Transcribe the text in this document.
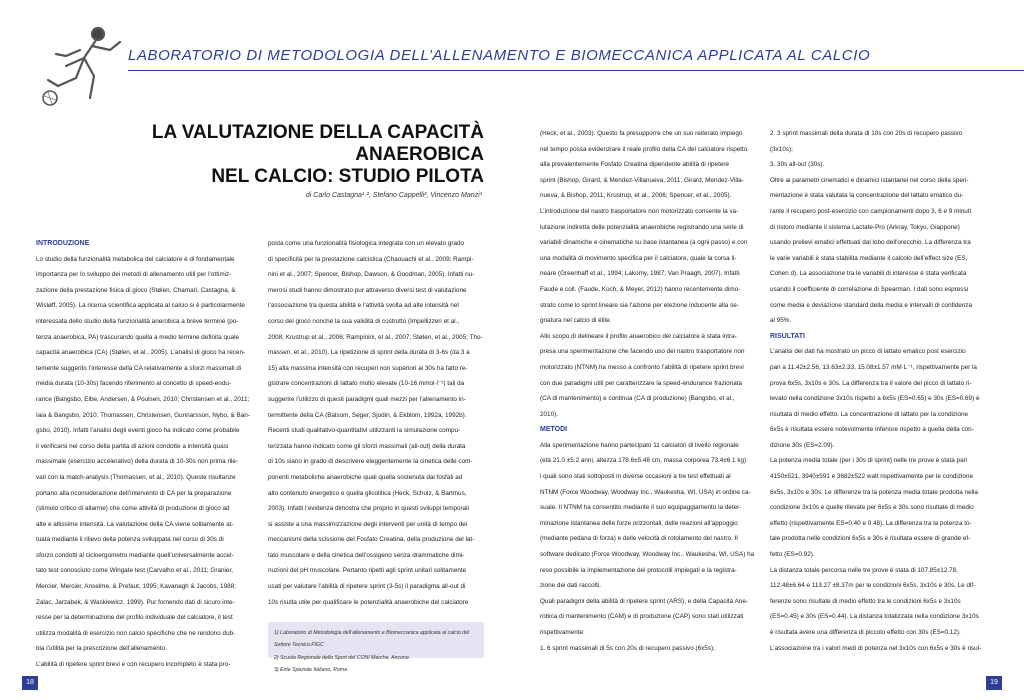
LABORATORIO DI METODOLOGIA DELL’ALLENAMENTO E BIOMECCANICA APPLICATA AL CALCIO
LA VALUTAZIONE DELLA CAPACITÀ ANAEROBICA
NEL CALCIO: STUDIO PILOTA
di Carlo Castagna¹˒², Stefano Cappelli², Vincenzo Manzi³

INTRODUZIONE

Lo studio della funzionalità metabolica del calciatore è di fondamentale

importanza per lo sviluppo dei metodi di allenamento utili per l’ottimiz-

zazione della prestazione fisica di gioco (Stølen, Chamari, Castagna, &

Wisløff, 2005). La ricerca scientifica applicata al calcio si è particolarmente

interessata dello studio della funzionalità anerobica a breve termine (po-

tenza anaerobica, PA) trascurando quella a medio termine definita quale

capacità anaerobica (CA) (Stølen, et al., 2005). L’analisi di gioco ha recen-

temente suggerito l’interesse della CA relativamente a sforzi massimali di

media durata (10-30s) facendo riferimento al concetto di speed-endu-

rance (Bangsbo, Elbe, Andersen, & Poulsen, 2010; Christensen et al., 2011;

Iaia & Bangsbo, 2010; Thomassen, Christensen, Gunnarsson, Nybo, & Ban-

gsbo, 2010). Infatti l’analisi degli eventi gioco ha indicato come probabile

il verificarsi nel corso della partita di azioni condotte a intensità quasi

massimale (esercizio accelerativo) della durata di 10-30s non prima rile-

vati con la match-analysis (Thomassen, et al., 2010). Queste risultanze

portano alla riconsiderazione dell’intervento di CA per la preparazione

(stimolo critico di allarme) che come attività di produzione di gioco ad

alte e altissime intensità. La valutazione della CA viene solitamente at-

tuata mediante il rilievo della potenza sviluppata nel corso di 30s di

sforzo condotti al cicloergometro mediante quell’universalmente accet-

tato test conosciuto come Wingate test (Carvalho et al., 2011; Granier,

Mercier, Mercier, Anselme, & Prefaut, 1995; Kavanagh & Jacobs, 1988;

Zalac, Jarzabek, & Waskiewicz, 1999). Pur fornendo dati di sicuro inte-

resse per la determinazione del profilo individuale del calciatore, il test

utilizza modalità di esercizio non calcio specifiche che ne rendono dub-

bia l’utilità per la prescrizione dell’allenamento.

L’abilità di ripetere sprint brevi e con recupero incompleto è stata pro-

posta come una funzionalità fisiologica integrata con un elevato grado

di specificità per la prestazione calcistica (Chaouachi et al., 2009; Rampi-

nini et al., 2007; Spencer, Bishop, Dawson, & Goodman, 2005). Infatti nu-

merosi studi hanno dimostrato pur attraverso diversi test di valutazione

l’associazione tra questa abilità e l’attività svolta ad alte intensità nel

corso del gioco nonché la sua validità di costrutto (Impellizzeri et al.,

2008; Krustrup et al., 2006; Rampinini, et al., 2007; Stølen, et al., 2005; Tho-

massen, et al., 2010). La ripetizione di sprint della durata di 3-6s (da 3 a

15) alla massima intensità con recuperi non superiori ai 30s ha fatto re-

gistrare concentrazioni di lattato molto elevate (10-16 mmol·l⁻¹) tali da

suggerire l’utilizzo di questi paradigmi quali mezzi per l’allenamento in-

termittente della CA (Balsom, Seger, Sjodin, & Ekblom, 1992a, 1992b).

Recenti studi qualitativo-quantitativi utilizzanti la simulazione compu-

terizzata hanno indicato come gli sforzi massimali (all-out) della durata

di 10s siano in grado di descrivere eleggentemente la cinetica delle com-

ponenti metaboliche anaerobiche quali quella sostenuta dai fosfati ad

alto contenuto energetico e quella glicolitica (Heck, Schulz, & Bartmus,

2003). Infatti l’evidenza dimostra che proprio in questi sviluppi temporali

si assiste a una massimizzazione degli interventi per unità di tempo dei

meccanismi della scissione del Fosfato Creatina, della produzione del lat-

tato muscolare e della cinetica dell’ossigeno senza drammatiche dimi-

nuzioni del pH muscolare. Pertanto ripetti agli sprint unitari solitamente

usati per valutare l’abilità di ripetere sprint (3-5s) il paradigma all-out di

10s risulta utile per qualificare le potenzialità anaerobiche del calciatore

1) Laboratorio di Metodologia dell’allenamento e Biomeccanica applicata al calcio del

Settore Tecnico FIGC

2) Scuola Regionale dello Sport del CONI Marche, Ancona

3) Ente Spaziale Italiano, Roma

(Heck, et al., 2003). Questo fa presupporre che un suo reiterato impiego

nel tempo possa evidenziare il reale profilo della CA del calciatore rispetto

alla prevalentemente Fosfato Creatina dipendente abilità di ripetere

sprint (Bishop, Girard, & Mendez-Villanueva, 2011; Girard, Mendez-Villa-

nueva, & Bishop, 2011; Krustrup, et al., 2006; Spencer, et al., 2005).

L’introduzione del nastro trasportatore non motorizzato consente la va-

lutazione indiretta delle potenzialità anaerobiche registrando una serie di

variabili dinamiche e cinematiche su base istantanea (a ogni passo) e con

una modalità di movimento specifica per il calciatore, quale la corsa li-

neare (Greenhaff et al., 1994; Lakomy, 1987; Van Praagh, 2007). Infatti

Faude e coll. (Faude, Koch, & Meyer, 2012) hanno recentemente dimo-

strato come lo sprint lineare sia l’azione per elezione inducente alla se-

gnatura nel calcio di élite.

Allo scopo di delineare il profilo anaerobico del calciatore è stata intra-

presa una sperimentazione che facendo uso del nastro trasportatore non

motorizzato (NTNM) ha messo a confronto l’abilità di ripetere sprint brevi

con due paradigmi utili per caratterizzare la speed-endurance frazionata

(CA di mantenimento) e continua (CA di produzione) (Bangsbo, et al.,

2010).

METODI

Alla sperimentazione hanno partecipato 11 calciatori di livello regionale

(età 21.0 ±5.2 anni, altezza 178.6±5.48 cm, massa corporea 73.4±6.1 kg)

i quali sono stati sottoposti in diverse occasioni a tre test effettuati al

NTNM (Force Woodway, Woodway Inc., Waukesha, WI, USA) in ordine ca-

suale. Il NTNM ha consentito mediante il suo equipaggiamento la deter-

minazione istantanea delle forze orizzontali, delle reazioni all’appoggio

(mediante pedana di forza) e delle velocità di rotolamento del nastro. Il

software dedicato (Force Woodway, Woodway Inc., Waukesha, WI, USA) ha

reso possibile la implementazione dei protocolli impiegati e la registra-

zione dei dati raccolti.

Quali paradigmi della abilità di ripetere sprint (ARS), e della Capacità Ane-

robica di mantenimento (CAM) e di produzione (CAP) sono stati utilizzati

rispettivamente:

1. 6 sprint massimali di 5s con 20s di recupero passivo (6x5s);

2. 3 sprint massimali della durata di 10s con 20s di recupero passivo

(3x10s);

3. 30s all-out (30s).

Oltre ai parametri cinematici e dinamici istantanei nel corso della speri-

mentazione è stata valutata la concentrazione del lattato ematico du-

rante il recupero post-esercizio con campionamenti dopo 3, 6 e 9 minuti

di ristoro mediante il sistema Lactate-Pro (Arkray, Tokyo, Giappone)

usando prelievi ematici effettuati dal lobo dell’orecchio. La differenza tra

le varie variabili è stata stabilita mediante il calcolo dell’effect size (ES,

Cohen d). La associazione tra le variabili di interesse è stata verificata

usando il coefficiente di correlazione di Spearman. I dati sono espressi

come media e deviazione standard della media e intervalli di confidenza

al 95%.

RISULTATI

L’analisi dei dati ha mostrato un picco di lattato ematico post esercizio

pari a 11.42±2.56, 13.63±2.33, 15.08±1.57 mM·L⁻¹, rispettivamente per la

prova 6x5s, 3x10s e 30s. La differenza tra il valore del picco di lattato ri-

levato nella condizione 3x10s rispetto a 6x5s (ES=0.65) e 30s (ES=0.69) è

risultata di medio effetto. La concentrazione di lattato per la condizione

6x5s è risultata essere notevolmente inferiore rispetto a quella della con-

dizione 30s (ES=2.09).

La potenza media totale (per i 30s di sprint) nelle tre prove è stata pari

4150±521, 3940±591 e 3682±522 watt rispettivamente per le condizione

6x5s, 3x10s e 30s. Le differenze tra la potenza media totale prodotta nella

condizione 3x10s e quelle rilevate per 6x5s e 30s sono risultate di medio

effetto (rispettivamente ES=0.40 e 0.48). La differenza tra la potenza to-

tale prodotta nelle condizioni 6x5s e 30s è risultata essere di grande ef-

fetto (ES=0.92).

La distanza totale percorsa nelle tre prove è stata di 107.85±12.78,

112.48±6.64 e 113.27 ±8.37m per le condizioni 6x5s, 3x10s e 30s. Le dif-

ferenze sono risultate di medio effetto tra le condizioni 6x5s e 3x10s

(ES=0.45) e 30s (ES=0.44). La distanza totalizzata nella condizione 3x10s

è risultata avere una differenza di piccolo effetto con 30s (ES=0.12).

L’associazione tra i valori medi di potenza nel 3x10s con 6x5s e 30s è risul-

18	19
